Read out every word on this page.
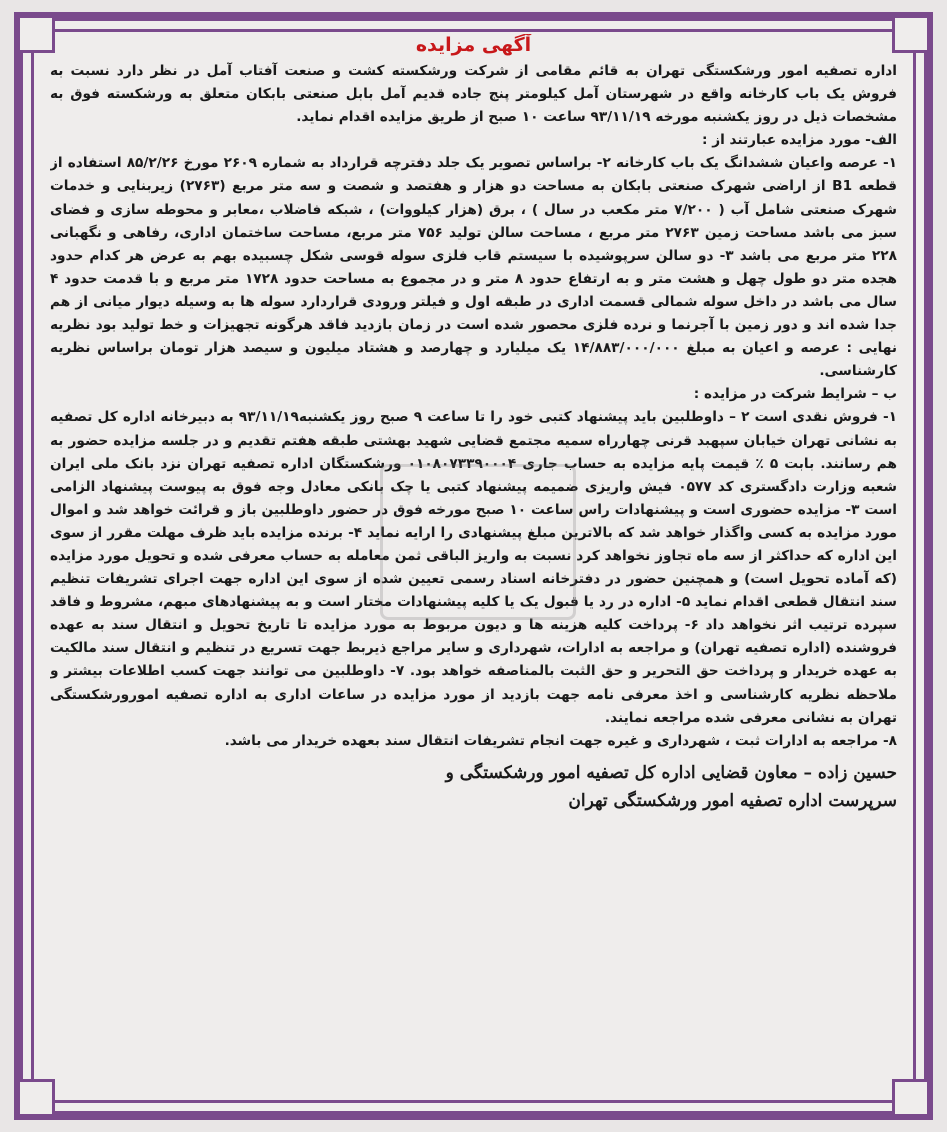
آگهی مزایده

اداره تصفیه امور ورشکستگی تهران به قائم مقامی از شرکت ورشکسته کشت و صنعت آفتاب آمل در نظر دارد نسبت به فروش یک باب کارخانه واقع در شهرستان آمل کیلومتر پنج جاده قدیم آمل بابل صنعتی بابکان متعلق به ورشکسته فوق به مشخصات ذیل در روز یکشنبه مورخه ۹۳/۱۱/۱۹ ساعت ۱۰ صبح از طریق مزایده اقدام نماید.

الف- مورد مزایده عبارتند از :

۱- عرصه واعیان ششدانگ یک باب کارخانه ۲- براساس تصویر یک جلد دفترچه قرارداد به شماره ۲۶۰۹ مورخ ۸۵/۲/۲۶ استفاده از قطعه B1 از اراضی شهرک صنعتی بابکان به مساحت دو هزار و هفتصد و شصت و سه متر مربع (۲۷۶۳) زیربنایی و خدمات شهرک صنعتی شامل آب ( ۷/۲۰۰ متر مکعب در سال ) ، برق (هزار کیلووات) ، شبکه فاضلاب ،معابر و محوطه سازی و فضای سبز می باشد مساحت زمین ۲۷۶۳ متر مربع ، مساحت سالن تولید ۷۵۶ متر مربع، مساحت ساختمان اداری، رفاهی و نگهبانی ۲۲۸ متر مربع می باشد ۳- دو سالن سرپوشیده با سیستم قاب فلزی سوله قوسی شکل چسبیده بهم به عرض هر کدام حدود هجده متر دو طول چهل و هشت متر و به ارتفاع حدود ۸ متر و در مجموع به مساحت حدود ۱۷۲۸ متر مربع و با قدمت حدود ۴ سال می باشد در داخل سوله شمالی قسمت اداری در طبقه اول و فیلتر ورودی قراردارد سوله ها به وسیله دیوار میانی از هم جدا شده اند و دور زمین با آجرنما و نرده فلزی محصور شده است در زمان بازدید فاقد هرگونه تجهیزات و خط تولید بود نظریه نهایی : عرصه و اعیان به مبلغ ۱۴/۸۸۳/۰۰۰/۰۰۰ یک میلیارد و چهارصد و هشتاد میلیون و سیصد هزار تومان براساس نظریه کارشناسی.

ب – شرایط شرکت در مزایده :

۱- فروش نقدی است ۲ – داوطلبین باید پیشنهاد کتبی خود را تا ساعت ۹ صبح روز یکشنبه۹۳/۱۱/۱۹ به دبیرخانه اداره کل تصفیه به نشانی تهران خیابان سپهبد قرنی چهارراه سمیه مجتمع قضایی شهید بهشتی طبقه هفتم تقدیم و در جلسه مزایده حضور به هم رسانند. بابت ۵ ٪ قیمت پایه مزایده به حساب جاری ۰۱۰۸۰۷۳۳۹۰۰۰۴ ورشکستگان اداره تصفیه تهران نزد بانک ملی ایران شعبه وزارت دادگستری کد ۰۵۷۷ فیش واریزی ضمیمه پیشنهاد کتبی یا چک بانکی معادل وجه فوق به پیوست پیشنهاد الزامی است ۳- مزایده حضوری است و پیشنهادات راس ساعت ۱۰ صبح مورخه فوق در حضور داوطلبین باز و قرائت خواهد شد و اموال مورد مزایده به کسی واگذار خواهد شد که بالاترین مبلغ پیشنهادی را ارایه نماید ۴- برنده مزایده باید ظرف مهلت مقرر از سوی این اداره که حداکثر از سه ماه تجاوز نخواهد کرد نسبت به واریز الباقی ثمن معامله به حساب معرفی شده و تحویل مورد مزایده (که آماده تحویل است) و همچنین حضور در دفترخانه اسناد رسمی تعیین شده از سوی این اداره جهت اجرای تشریفات تنظیم سند انتقال قطعی اقدام نماید ۵- اداره در رد یا قبول یک یا کلیه پیشنهادات مختار است و به پیشنهادهای مبهم، مشروط و فاقد سپرده ترتیب اثر نخواهد داد ۶- پرداخت کلیه هزینه ها و دیون مربوط به مورد مزایده تا تاریخ تحویل و انتقال سند به عهده فروشنده (اداره تصفیه تهران) و مراجعه به ادارات، شهرداری و سایر مراجع ذیربط جهت تسریع در تنظیم و انتقال سند مالکیت به عهده خریدار و پرداخت حق التحریر و حق الثبت بالمناصفه خواهد بود. ۷- داوطلبین می توانند جهت کسب اطلاعات بیشتر و ملاحظه نظریه کارشناسی و اخذ معرفی نامه جهت بازدید از مورد مزایده در ساعات اداری به اداره تصفیه امورورشکستگی تهران به نشانی معرفی شده مراجعه نمایند.

۸- مراجعه به ادارات ثبت ، شهرداری و غیره جهت انجام تشریفات انتقال سند بعهده خریدار می باشد.

حسین زاده – معاون قضایی اداره کل تصفیه امور ورشکستگی و

سرپرست اداره تصفیه امور ورشکستگی تهران
